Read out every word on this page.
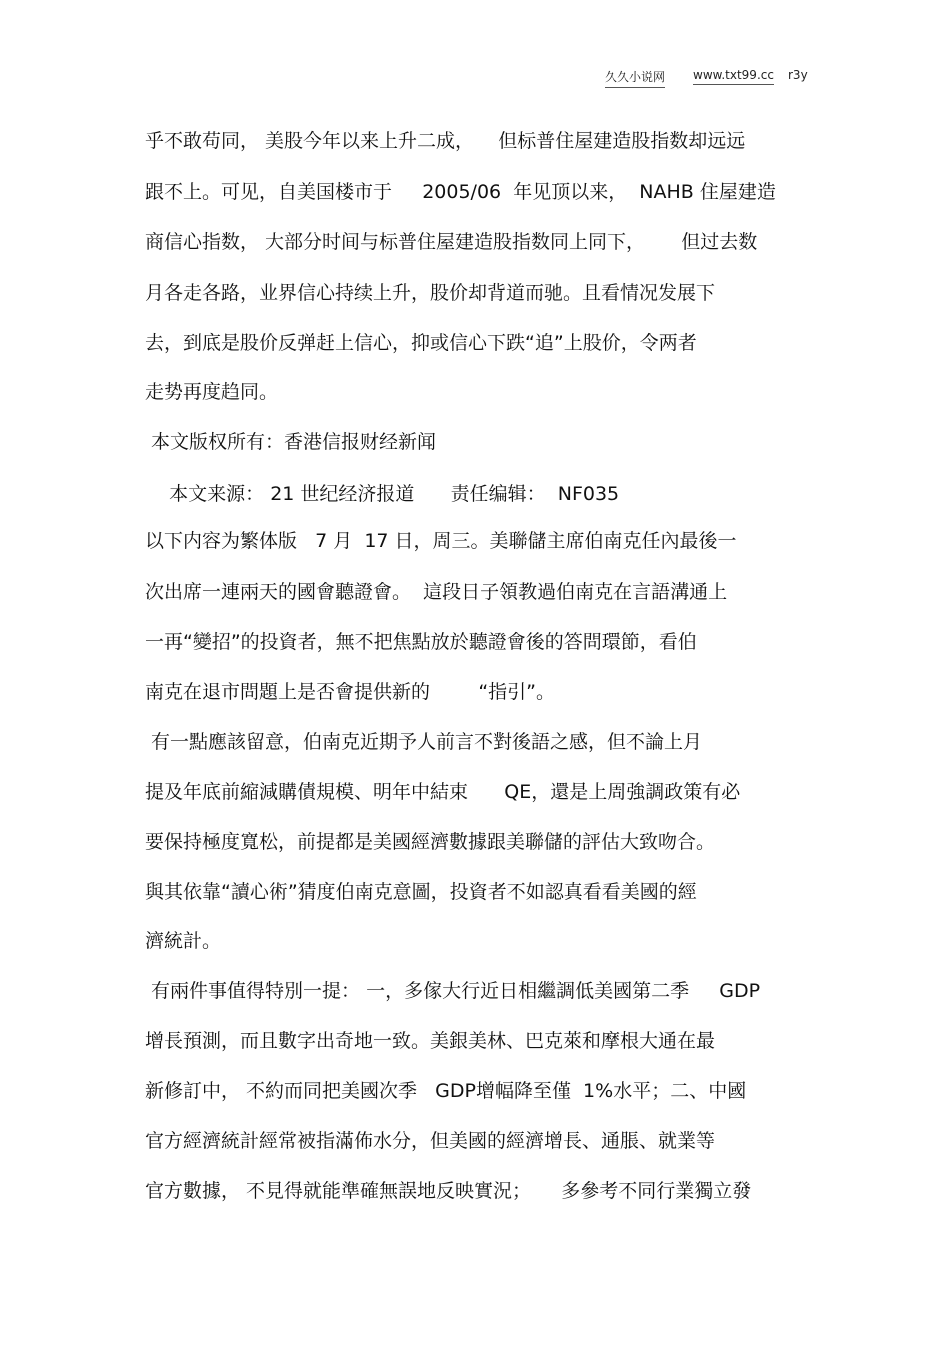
久久小说网 www.txt99.cc r3y
乎不敢苟同， 美股今年以来上升二成，    但标普住屋建造股指数却远远
跟不上。可见，自美国楼市于     2005/06  年见顶以来，  NAHB 住屋建造
商信心指数， 大部分时间与标普住屋建造股指数同上同下，      但过去数
月各走各路，业界信心持续上升，股价却背道而驰。且看情况发展下
去，到底是股价反弹赶上信心，抑或信心下跌“追”上股价，令两者
走势再度趋同。
本文版权所有：香港信报财经新闻
本文来源： 21 世纪经济报道      责任编辑：  NF035
以下内容为繁体版   7 月  17 日，周三。美聯儲主席伯南克任內最後一
次出席一連兩天的國會聽證會。  這段日子領教過伯南克在言語溝通上
一再“變招”的投資者，無不把焦點放於聽證會後的答問環節，看伯
南克在退市問題上是否會提供新的        “指引”。
有一點應該留意，伯南克近期予人前言不對後語之感，但不論上月
提及年底前縮減購債規模、明年中結束      QE，還是上周強調政策有必
要保持極度寬松，前提都是美國經濟數據跟美聯儲的評估大致吻合。
與其依靠“讀心術”猜度伯南克意圖，投資者不如認真看看美國的經
濟統計。
有兩件事值得特別一提： 一，多傢大行近日相繼調低美國第二季     GDP
增長預測，而且數字出奇地一致。美銀美林、巴克萊和摩根大通在最
新修訂中， 不約而同把美國次季   GDP增幅降至僅  1%水平；二、中國
官方經濟統計經常被指滿佈水分，但美國的經濟增長、通脹、就業等
官方數據， 不見得就能準確無誤地反映實況；     多參考不同行業獨立發
